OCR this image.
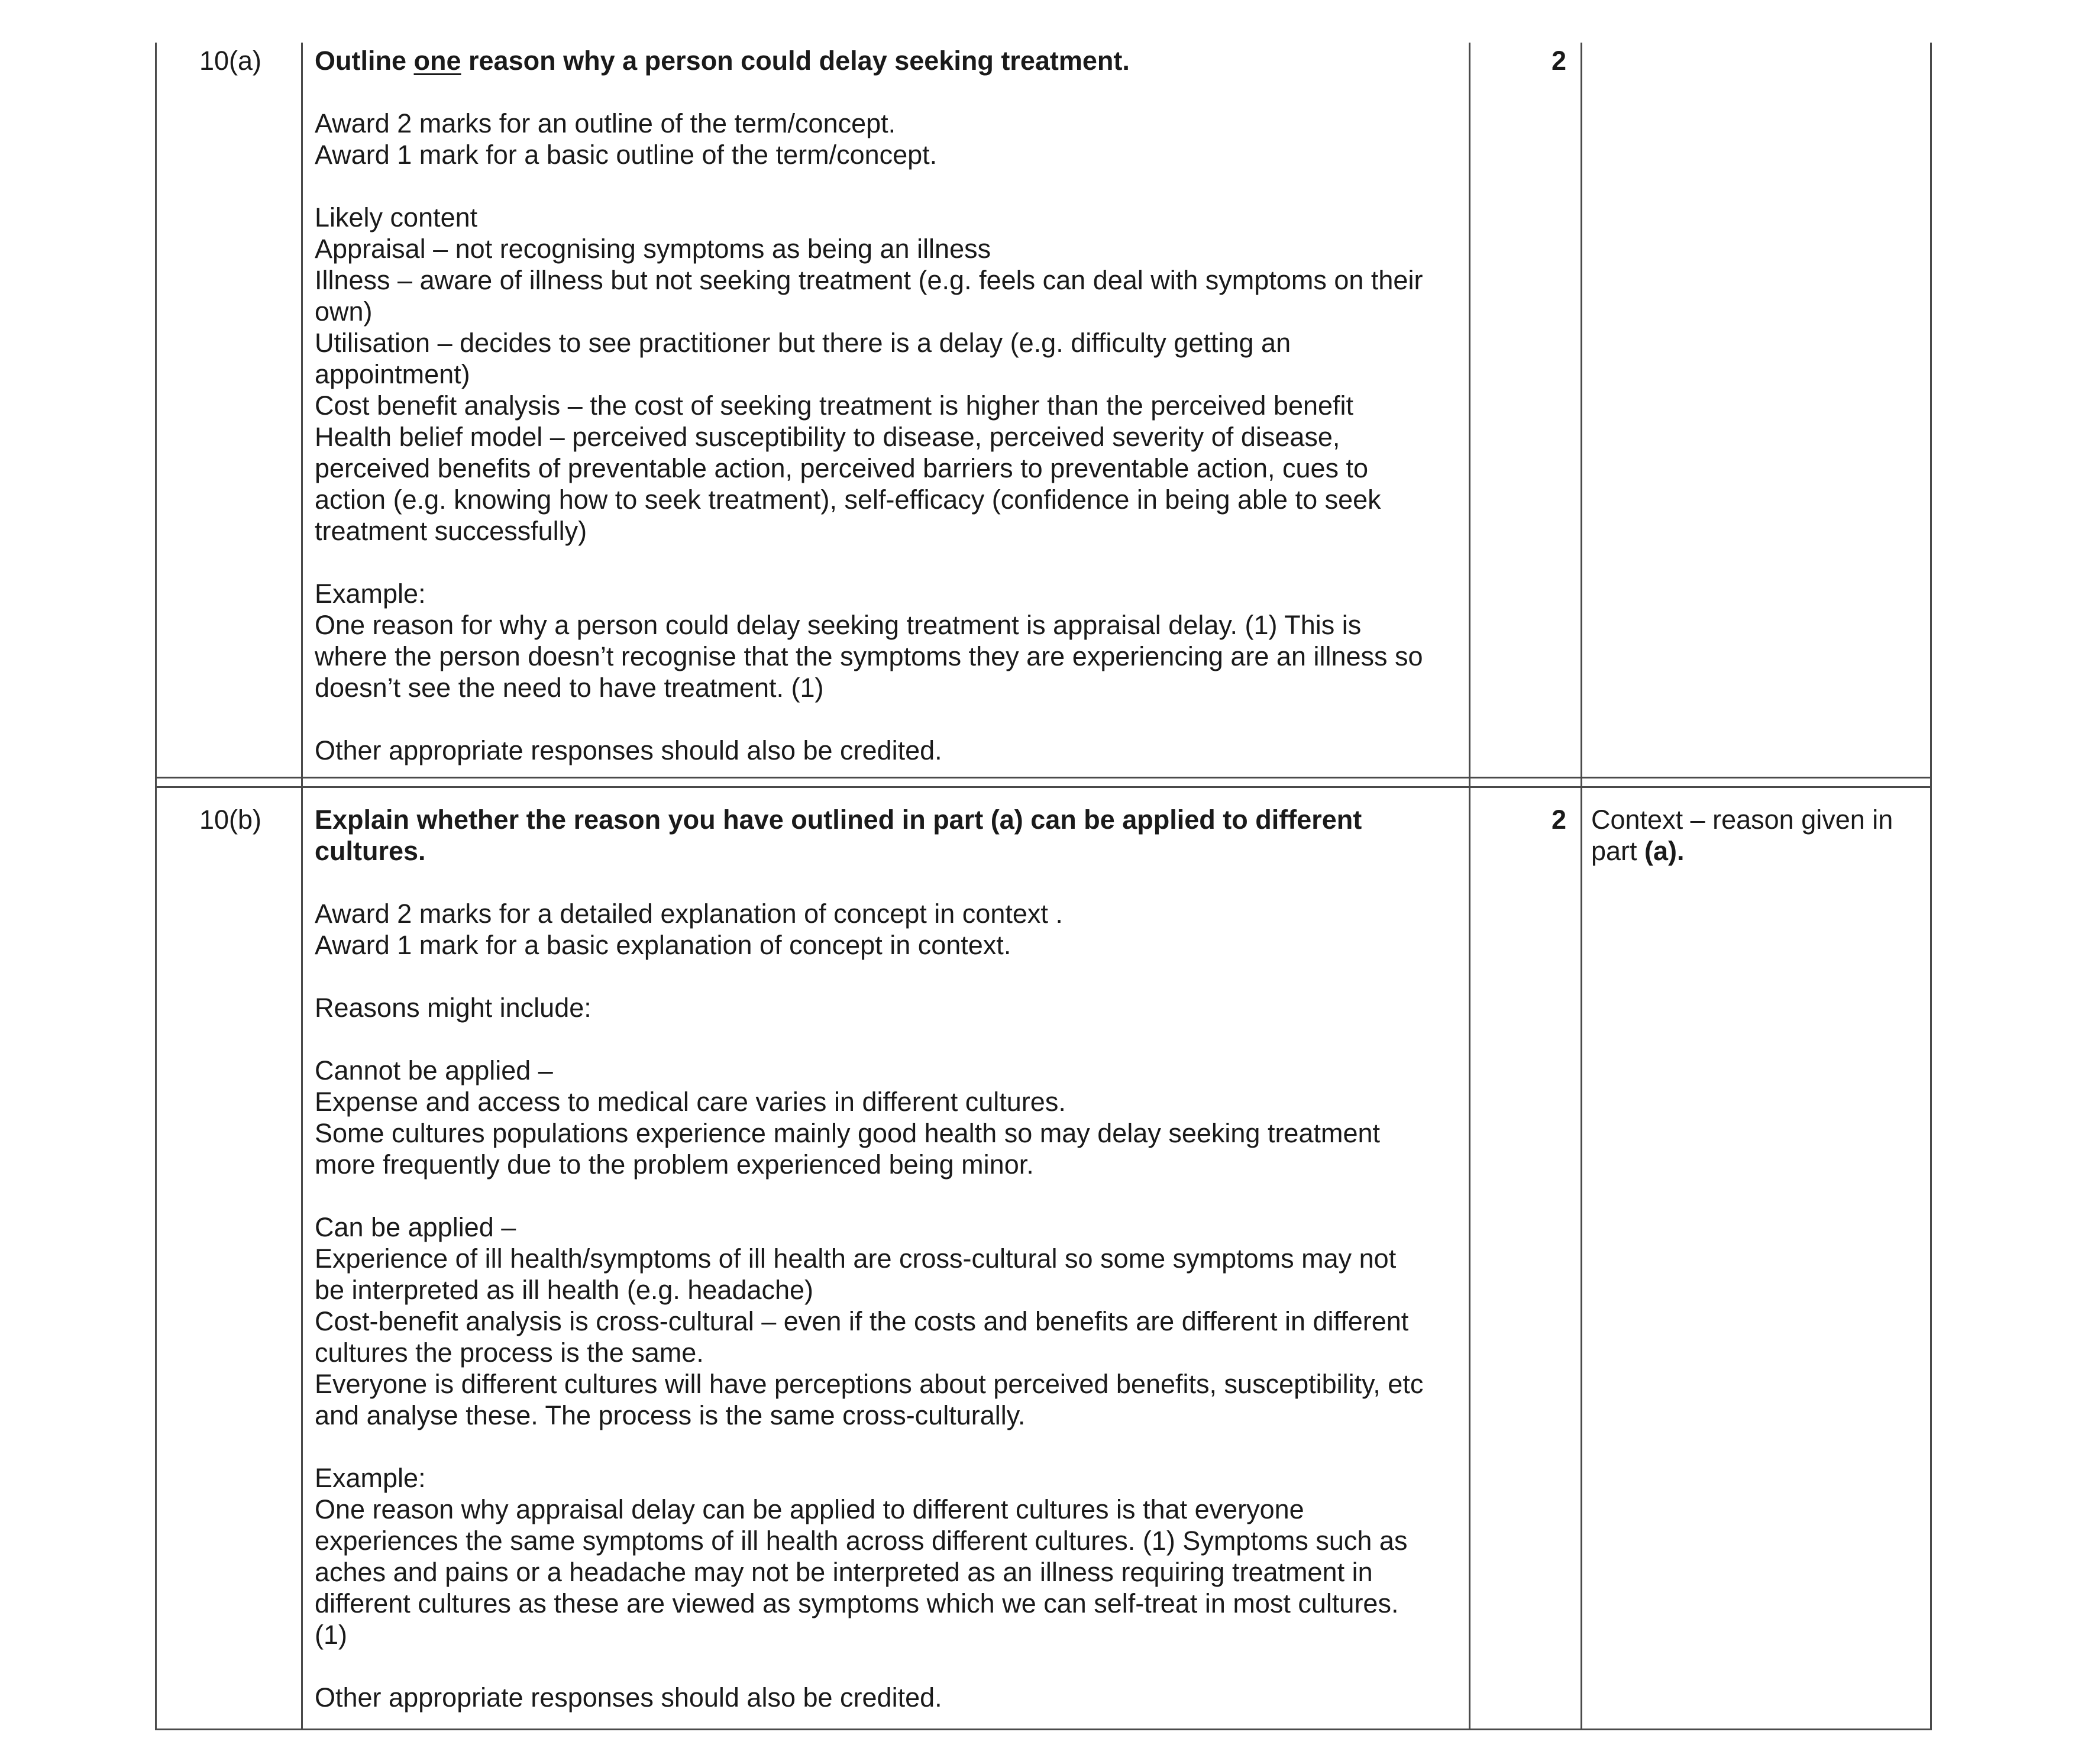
10(a)	Outline one reason why a person could delay seeking treatment.

Award 2 marks for an outline of the term/concept.
Award 1 mark for a basic outline of the term/concept.
Likely content
Appraisal – not recognising symptoms as being an illness
Illness – aware of illness but not seeking treatment (e.g. feels can deal with symptoms on their
own)
Utilisation – decides to see practitioner but there is a delay (e.g. difficulty getting an
appointment)
Cost benefit analysis – the cost of seeking treatment is higher than the perceived benefit
Health belief model – perceived susceptibility to disease, perceived severity of disease,
perceived benefits of preventable action, perceived barriers to preventable action, cues to
action (e.g. knowing how to seek treatment), self-efficacy (confidence in being able to seek
treatment successfully)
Example:
One reason for why a person could delay seeking treatment is appraisal delay. (1) This is
where the person doesn’t recognise that the symptoms they are experiencing are an illness so
doesn’t see the need to have treatment. (1)

Other appropriate responses should also be credited.

2
10(b)	Explain whether the reason you have outlined in part (a) can be applied to different
cultures.

Award 2 marks for a detailed explanation of concept in context .
Award 1 mark for a basic explanation of concept in context.

Reasons might include:

Cannot be applied –
Expense and access to medical care varies in different cultures.
Some cultures populations experience mainly good health so may delay seeking treatment
more frequently due to the problem experienced being minor.
Can be applied –
Experience of ill health/symptoms of ill health are cross-cultural so some symptoms may not
be interpreted as ill health (e.g. headache)
Cost-benefit analysis is cross-cultural – even if the costs and benefits are different in different
cultures the process is the same.
Everyone is different cultures will have perceptions about perceived benefits, susceptibility, etc
and analyse these. The process is the same cross-culturally.
Example:
One reason why appraisal delay can be applied to different cultures is that everyone
experiences the same symptoms of ill health across different cultures. (1) Symptoms such as
aches and pains or a headache may not be interpreted as an illness requiring treatment in
different cultures as these are viewed as symptoms which we can self-treat in most cultures.
(1)

Other appropriate responses should also be credited.

2 Context – reason given in
part (a).
